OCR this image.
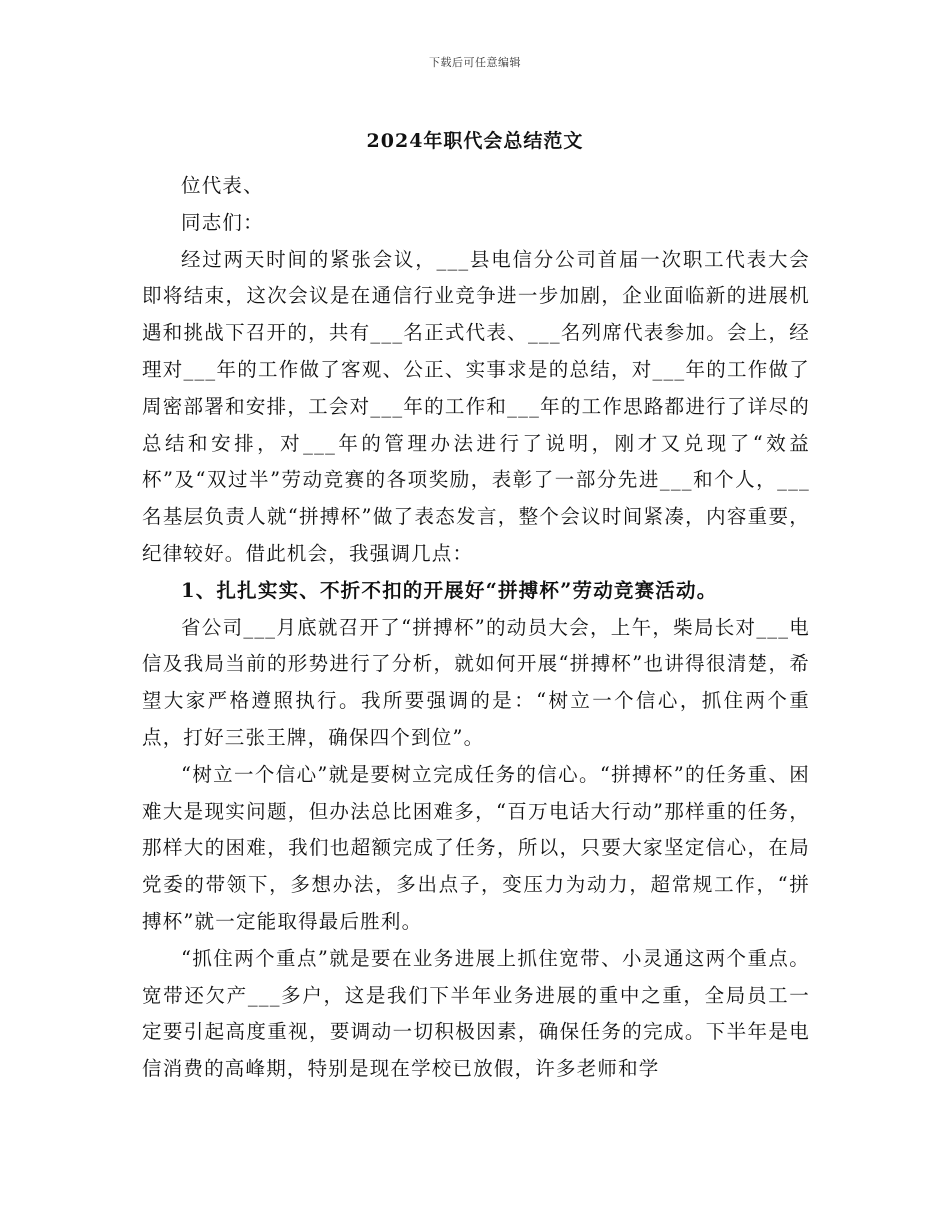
下载后可任意编辑
2024年职代会总结范文

位代表、

同志们：

经过两天时间的紧张会议，___县电信分公司首届一次职工代表大会即将结束，这次会议是在通信行业竞争进一步加剧，企业面临新的进展机遇和挑战下召开的，共有___名正式代表、___名列席代表参加。会上，经理对___年的工作做了客观、公正、实事求是的总结，对___年的工作做了周密部署和安排，工会对___年的工作和___年的工作思路都进行了详尽的总结和安排，对___年的管理办法进行了说明，刚才又兑现了“效益杯”及“双过半”劳动竞赛的各项奖励，表彰了一部分先进___和个人，___名基层负责人就“拼搏杯”做了表态发言，整个会议时间紧凑，内容重要，纪律较好。借此机会，我强调几点：

1、扎扎实实、不折不扣的开展好“拼搏杯”劳动竞赛活动。

省公司___月底就召开了“拼搏杯”的动员大会，上午，柴局长对___电信及我局当前的形势进行了分析，就如何开展“拼搏杯”也讲得很清楚，希望大家严格遵照执行。我所要强调的是：“树立一个信心，抓住两个重点，打好三张王牌，确保四个到位”。

“树立一个信心”就是要树立完成任务的信心。“拼搏杯”的任务重、困难大是现实问题，但办法总比困难多，“百万电话大行动”那样重的任务，那样大的困难，我们也超额完成了任务，所以，只要大家坚定信心，在局党委的带领下，多想办法，多出点子，变压力为动力，超常规工作，“拼搏杯”就一定能取得最后胜利。

“抓住两个重点”就是要在业务进展上抓住宽带、小灵通这两个重点。宽带还欠产___多户，这是我们下半年业务进展的重中之重，全局员工一定要引起高度重视，要调动一切积极因素，确保任务的完成。下半年是电信消费的高峰期，特别是现在学校已放假，许多老师和学
